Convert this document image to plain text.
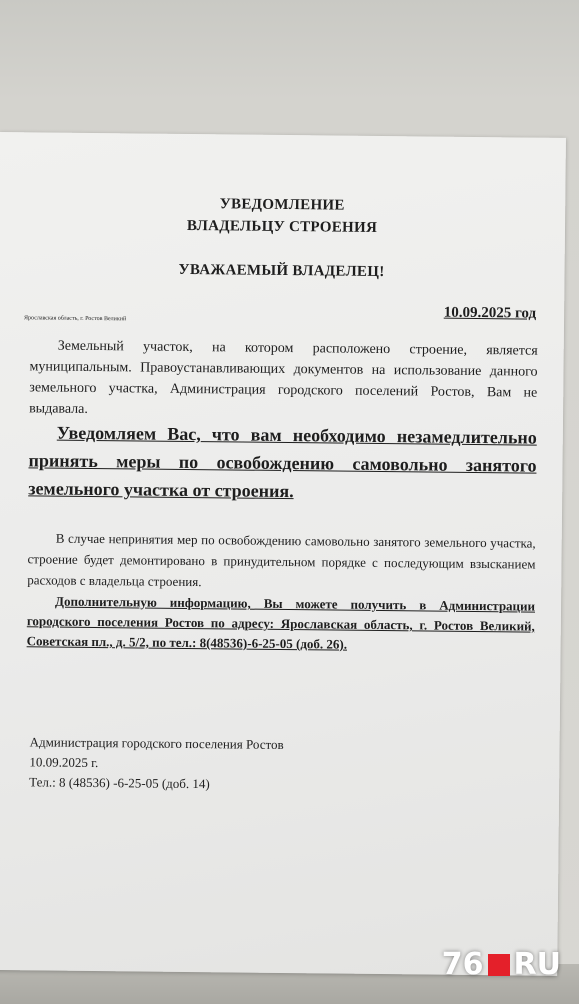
УВЕДОМЛЕНИЕ
ВЛАДЕЛЬЦУ СТРОЕНИЯ
УВАЖАЕМЫЙ ВЛАДЕЛЕЦ!
Ярославская область, г. Ростов Великий	10.09.2025 год
Земельный участок, на котором расположено строение, является муниципальным. Правоустанавливающих документов на использование данного земельного участка, Администрация городского поселений Ростов, Вам не выдавала.
Уведомляем Вас, что вам необходимо незамедлительно принять меры по освобождению самовольно занятого земельного участка от строения.
В случае непринятия мер по освобождению самовольно занятого земельного участка, строение будет демонтировано в принудительном порядке с последующим взысканием расходов с владельца строения.
Дополнительную информацию, Вы можете получить в Администрации городского поселения Ростов по адресу: Ярославская область, г. Ростов Великий, Советская пл., д. 5/2, по тел.: 8(48536)-6-25-05 (доб. 26).
Администрация городского поселения Ростов
10.09.2025 г.
Тел.: 8 (48536) -6-25-05 (доб. 14)
76 RU
